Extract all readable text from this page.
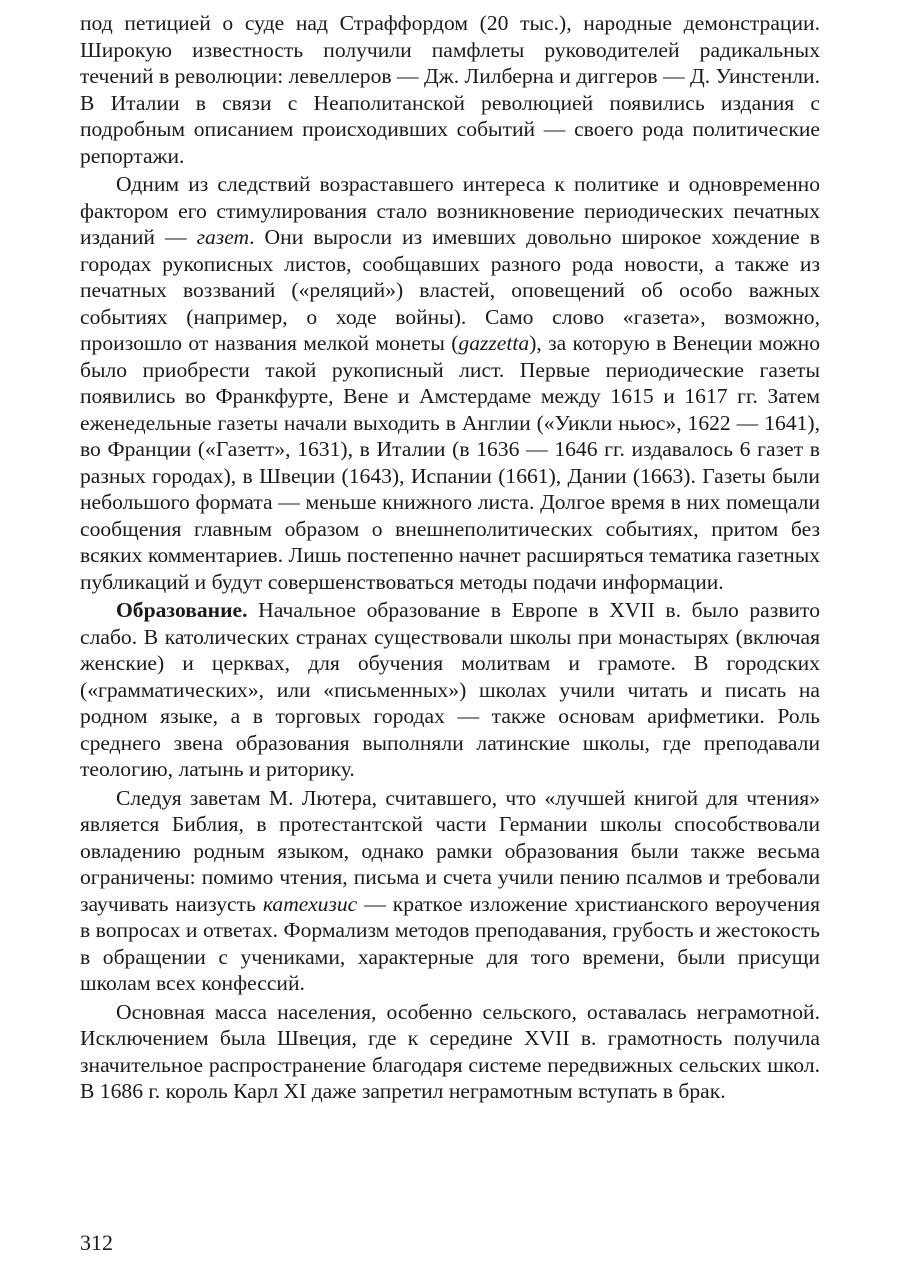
под петицией о суде над Страффордом (20 тыс.), народные демонстрации. Широкую известность получили памфлеты руководителей радикальных течений в революции: левеллеров — Дж. Лилберна и диггеров — Д. Уинстенли. В Италии в связи с Неаполитанской революцией появились издания с подробным описанием происходивших событий — своего рода политические репортажи.

Одним из следствий возраставшего интереса к политике и одновременно фактором его стимулирования стало возникновение периодических печатных изданий — газет. Они выросли из имевших довольно широкое хождение в городах рукописных листов, сообщавших разного рода новости, а также из печатных воззваний («реляций») властей, оповещений об особо важных событиях (например, о ходе войны). Само слово «газета», возможно, произошло от названия мелкой монеты (gazzetta), за которую в Венеции можно было приобрести такой рукописный лист. Первые периодические газеты появились во Франкфурте, Вене и Амстердаме между 1615 и 1617 гг. Затем еженедельные газеты начали выходить в Англии («Уикли ньюс», 1622 — 1641), во Франции («Газетт», 1631), в Италии (в 1636 — 1646 гг. издавалось 6 газет в разных городах), в Швеции (1643), Испании (1661), Дании (1663). Газеты были небольшого формата — меньше книжного листа. Долгое время в них помещали сообщения главным образом о внешнеполитических событиях, притом без всяких комментариев. Лишь постепенно начнет расширяться тематика газетных публикаций и будут совершенствоваться методы подачи информации.

Образование. Начальное образование в Европе в XVII в. было развито слабо. В католических странах существовали школы при монастырях (включая женские) и церквах, для обучения молитвам и грамоте. В городских («грамматических», или «письменных») школах учили читать и писать на родном языке, а в торговых городах — также основам арифметики. Роль среднего звена образования выполняли латинские школы, где преподавали теологию, латынь и риторику.

Следуя заветам М. Лютера, считавшего, что «лучшей книгой для чтения» является Библия, в протестантской части Германии школы способствовали овладению родным языком, однако рамки образования были также весьма ограничены: помимо чтения, письма и счета учили пению псалмов и требовали заучивать наизусть катехизис — краткое изложение христианского вероучения в вопросах и ответах. Формализм методов преподавания, грубость и жестокость в обращении с учениками, характерные для того времени, были присущи школам всех конфессий.

Основная масса населения, особенно сельского, оставалась неграмотной. Исключением была Швеция, где к середине XVII в. грамотность получила значительное распространение благодаря системе передвижных сельских школ. В 1686 г. король Карл XI даже запретил неграмотным вступать в брак.

312
